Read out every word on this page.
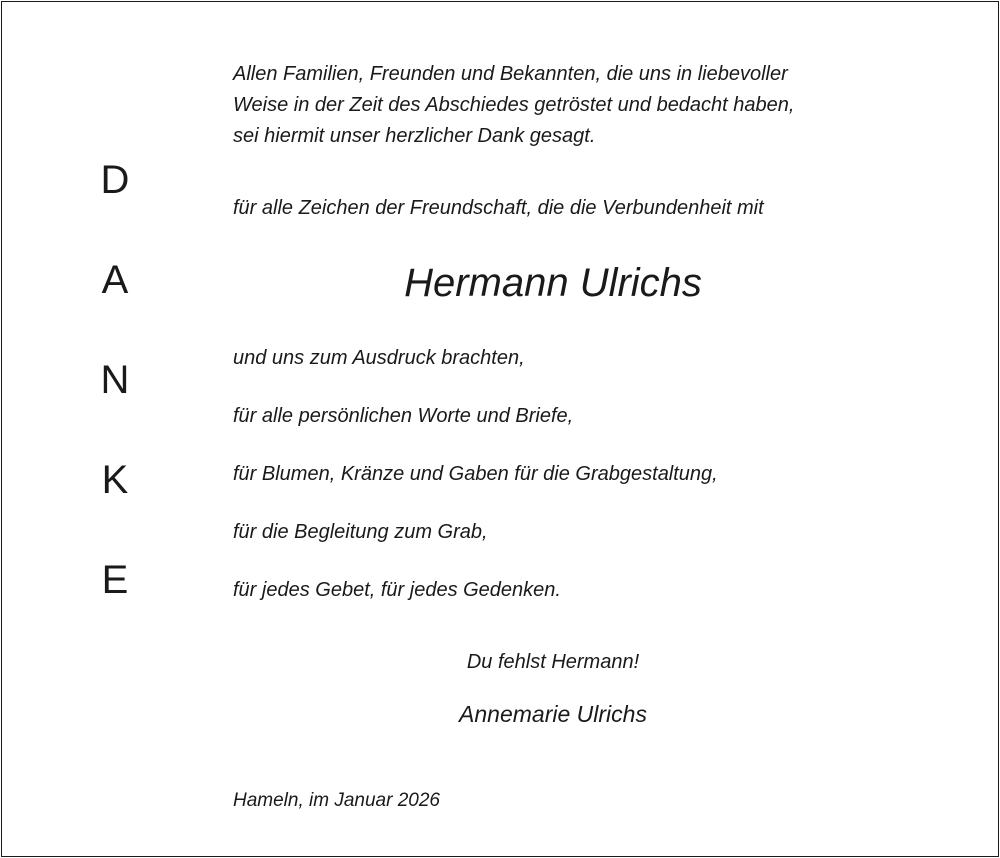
D
A
N
K
E
Allen Familien, Freunden und Bekannten, die uns in liebevoller
Weise in der Zeit des Abschiedes getröstet und bedacht haben,
sei hiermit unser herzlicher Dank gesagt.
für alle Zeichen der Freundschaft, die die Verbundenheit mit
Hermann Ulrichs
und uns zum Ausdruck brachten,
für alle persönlichen Worte und Briefe,
für Blumen, Kränze und Gaben für die Grabgestaltung,
für die Begleitung zum Grab,
für jedes Gebet, für jedes Gedenken.
Du fehlst Hermann!
Annemarie Ulrichs
Hameln, im Januar 2026
